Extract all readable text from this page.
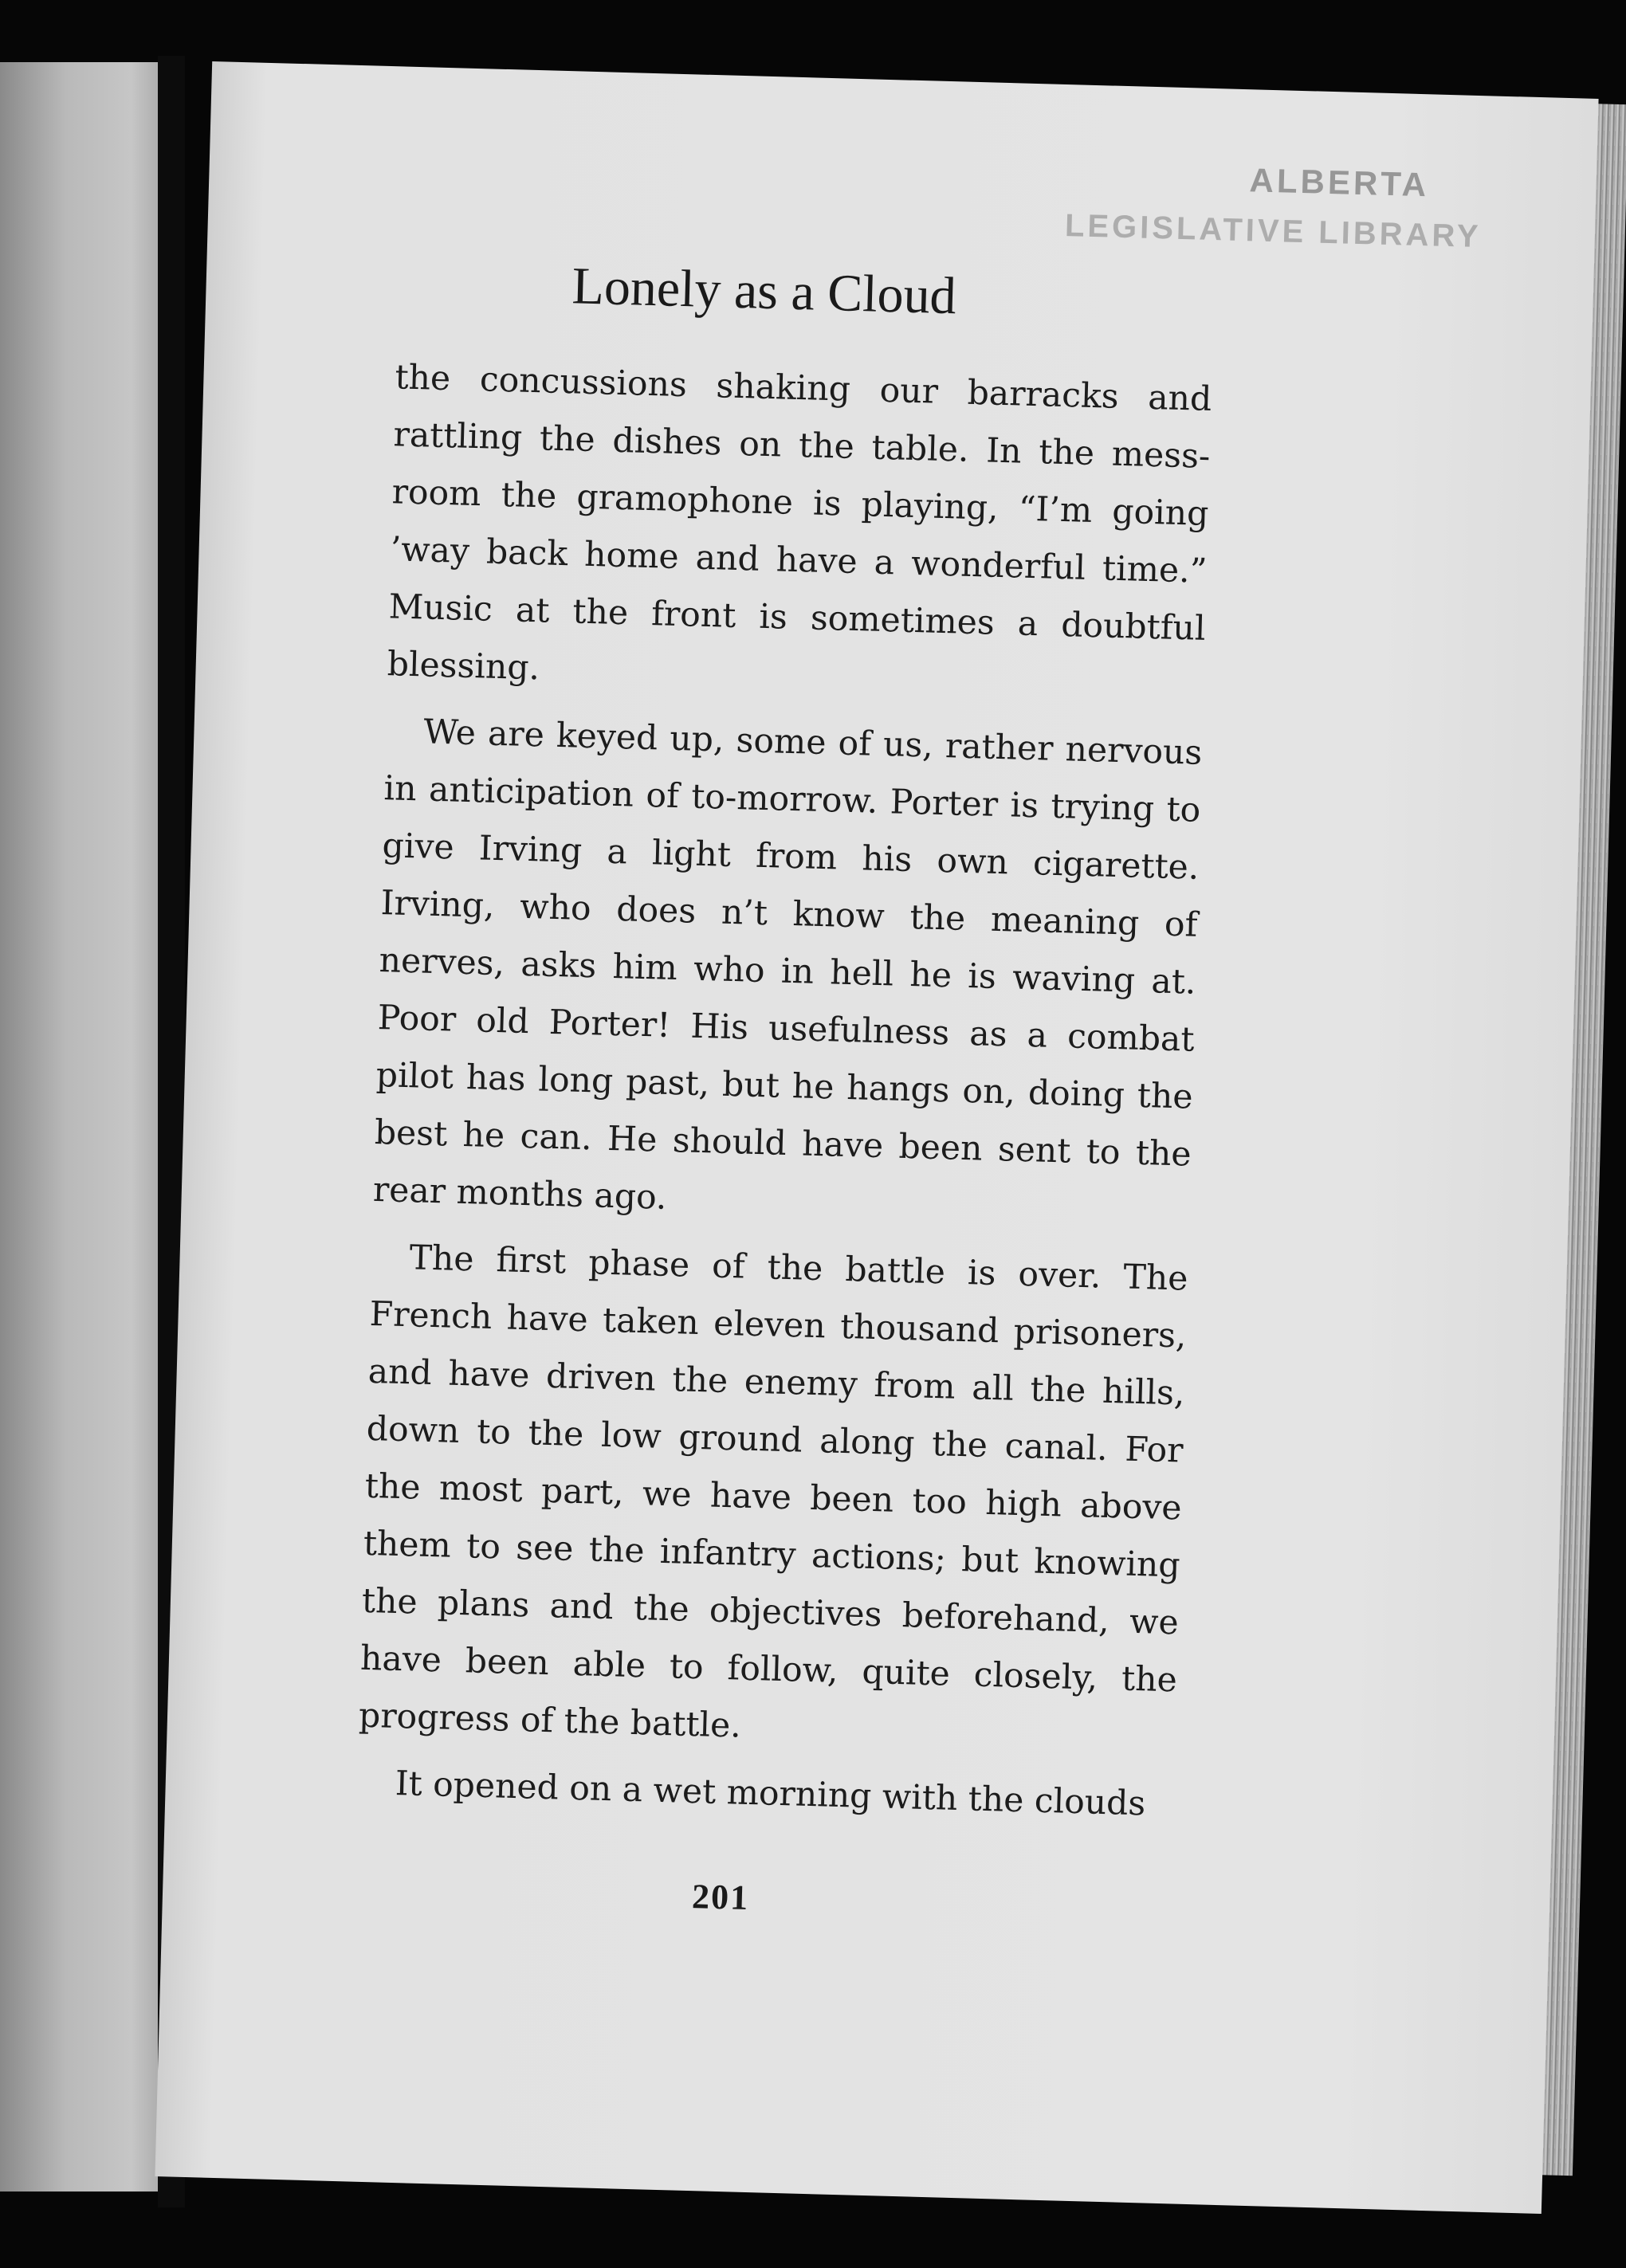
ALBERTA
LEGISLATIVE LIBRARY
Lonely as a Cloud

the concussions shaking our barracks and rattling the dishes on the table. In the mess-room the gramophone is playing, “I’m going ’way back home and have a wonderful time.” Music at the front is sometimes a doubtful blessing.

We are keyed up, some of us, rather nervous in anticipation of to-morrow. Porter is trying to give Irving a light from his own cigarette. Irving, who does n’t know the meaning of nerves, asks him who in hell he is waving at. Poor old Porter! His usefulness as a combat pilot has long past, but he hangs on, doing the best he can. He should have been sent to the rear months ago.

The first phase of the battle is over. The French have taken eleven thousand prisoners, and have driven the enemy from all the hills, down to the low ground along the canal. For the most part, we have been too high above them to see the infantry actions; but knowing the plans and the objectives beforehand, we have been able to follow, quite closely, the progress of the battle.

It opened on a wet morning with the clouds

201
